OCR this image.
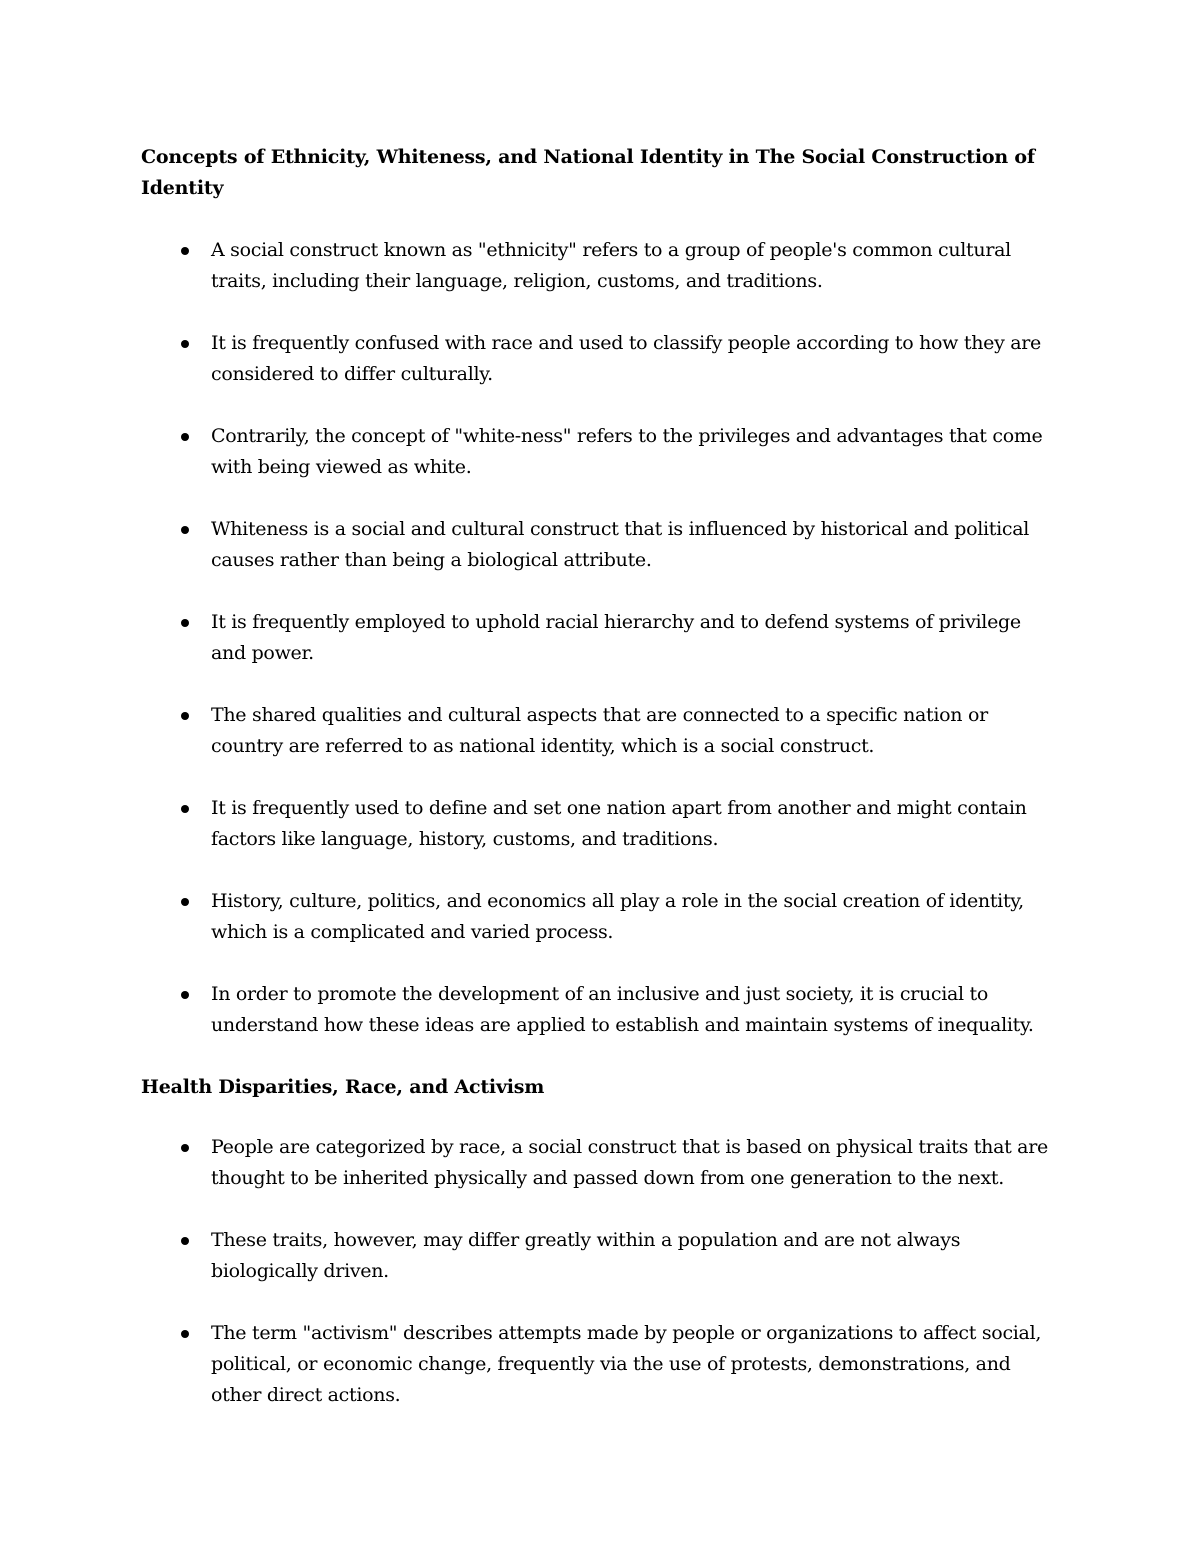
Concepts of Ethnicity, Whiteness, and National Identity in The Social Construction of Identity
A social construct known as "ethnicity" refers to a group of people's common cultural traits, including their language, religion, customs, and traditions.
It is frequently confused with race and used to classify people according to how they are considered to differ culturally.
Contrarily, the concept of "white-ness" refers to the privileges and advantages that come with being viewed as white.
Whiteness is a social and cultural construct that is influenced by historical and political causes rather than being a biological attribute.
It is frequently employed to uphold racial hierarchy and to defend systems of privilege and power.
The shared qualities and cultural aspects that are connected to a specific nation or country are referred to as national identity, which is a social construct.
It is frequently used to define and set one nation apart from another and might contain factors like language, history, customs, and traditions.
History, culture, politics, and economics all play a role in the social creation of identity, which is a complicated and varied process.
In order to promote the development of an inclusive and just society, it is crucial to understand how these ideas are applied to establish and maintain systems of inequality.
Health Disparities, Race, and Activism
People are categorized by race, a social construct that is based on physical traits that are thought to be inherited physically and passed down from one generation to the next.
These traits, however, may differ greatly within a population and are not always biologically driven.
The term "activism" describes attempts made by people or organizations to affect social, political, or economic change, frequently via the use of protests, demonstrations, and other direct actions.
